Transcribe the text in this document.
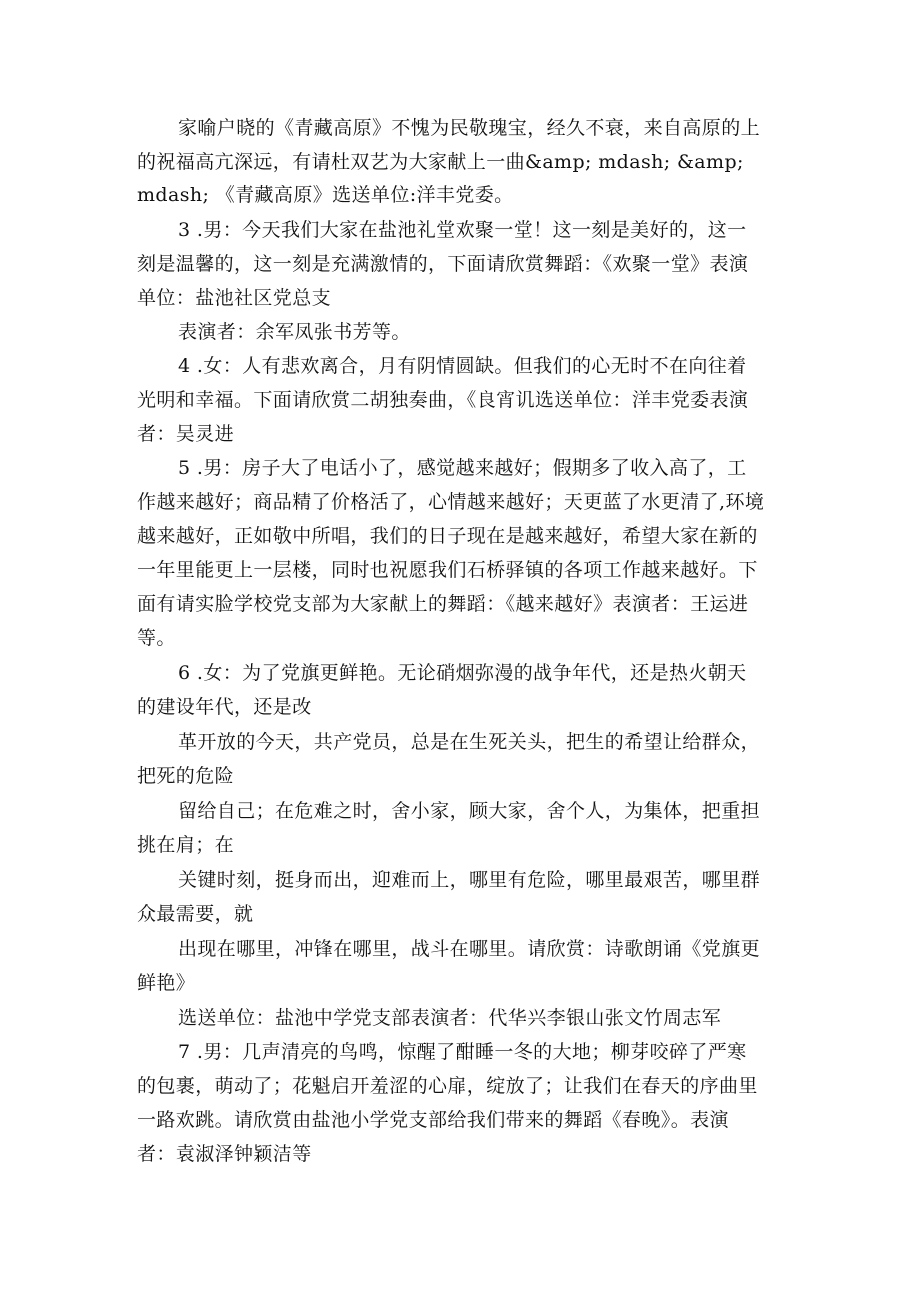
家喻户晓的《青藏高原》不愧为民敬瑰宝，经久不衰，来自高原的上
的祝福高亢深远，有请杜双艺为大家献上一曲&amp; mdash; &amp;
mdash; 《青藏高原》选送单位:洋丰党委。
3 .男：今天我们大家在盐池礼堂欢聚一堂！这一刻是美好的，这一
刻是温馨的，这一刻是充满激情的，下面请欣赏舞蹈：《欢聚一堂》表演
单位：盐池社区党总支
表演者：余军凤张书芳等。
4 .女：人有悲欢离合，月有阴情圆缺。但我们的心无时不在向往着
光明和幸福。下面请欣赏二胡独奏曲，《良宵讥选送单位：洋丰党委表演
者：吴灵进
5 .男：房子大了电话小了，感觉越来越好；假期多了收入高了，工
作越来越好；商品精了价格活了，心情越来越好；天更蓝了水更清了,环境
越来越好，正如敬中所唱，我们的日子现在是越来越好，希望大家在新的
一年里能更上一层楼，同时也祝愿我们石桥驿镇的各项工作越来越好。下
面有请实脸学校党支部为大家献上的舞蹈：《越来越好》表演者：王运进
等。
6 .女：为了党旗更鲜艳。无论硝烟弥漫的战争年代，还是热火朝天
的建设年代，还是改
革开放的今天，共产党员，总是在生死关头，把生的希望让给群众，
把死的危险
留给自己；在危难之时，舍小家，顾大家，舍个人，为集体，把重担
挑在肩；在
关键时刻，挺身而出，迎难而上，哪里有危险，哪里最艰苦，哪里群
众最需要，就
出现在哪里，冲锋在哪里，战斗在哪里。请欣赏：诗歌朗诵《党旗更
鲜艳》
选送单位：盐池中学党支部表演者：代华兴李银山张文竹周志军
7 .男：几声清亮的鸟鸣，惊醒了酣睡一冬的大地；柳芽咬碎了严寒
的包裹，萌动了；花魁启开羞涩的心扉，绽放了；让我们在春天的序曲里
一路欢跳。请欣赏由盐池小学党支部给我们带来的舞蹈《春晚》。表演
者：袁淑泽钟颖洁等
